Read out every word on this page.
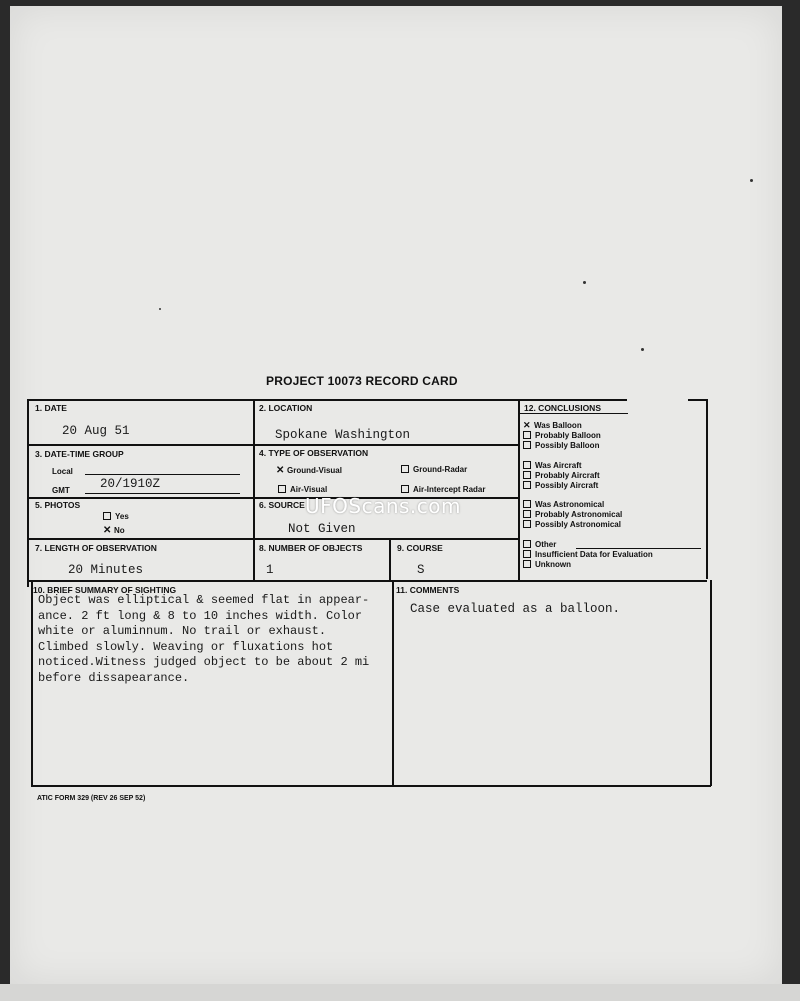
PROJECT 10073 RECORD CARD
1. DATE
20 Aug 51
2. LOCATION
Spokane Washington
3. DATE-TIME GROUP
Local
GMT 20/1910Z
4. TYPE OF OBSERVATION
✕ Ground-Visual	Ground-Radar
Air-Visual	Air-Intercept Radar
5. PHOTOS
Yes
✕ No
6. SOURCE
Not Given
UFOScans.com
7. LENGTH OF OBSERVATION
20 Minutes
8. NUMBER OF OBJECTS
1
9. COURSE
S
12. CONCLUSIONS
✕ Was Balloon
Probably Balloon
Possibly Balloon
Was Aircraft
Probably Aircraft
Possibly Aircraft
Was Astronomical
Probably Astronomical
Possibly Astronomical
Other
Insufficient Data for Evaluation
Unknown
10. BRIEF SUMMARY OF SIGHTING
Object was elliptical & seemed flat in appear-
ance. 2 ft long & 8 to 10 inches width. Color
white or aluminnum. No trail or exhaust.
Climbed slowly. Weaving or fluxations hot
noticed.Witness judged object to be about 2 mi
before dissapearance.
11. COMMENTS
Case evaluated as a balloon.
ATIC FORM 329 (REV 26 SEP 52)
